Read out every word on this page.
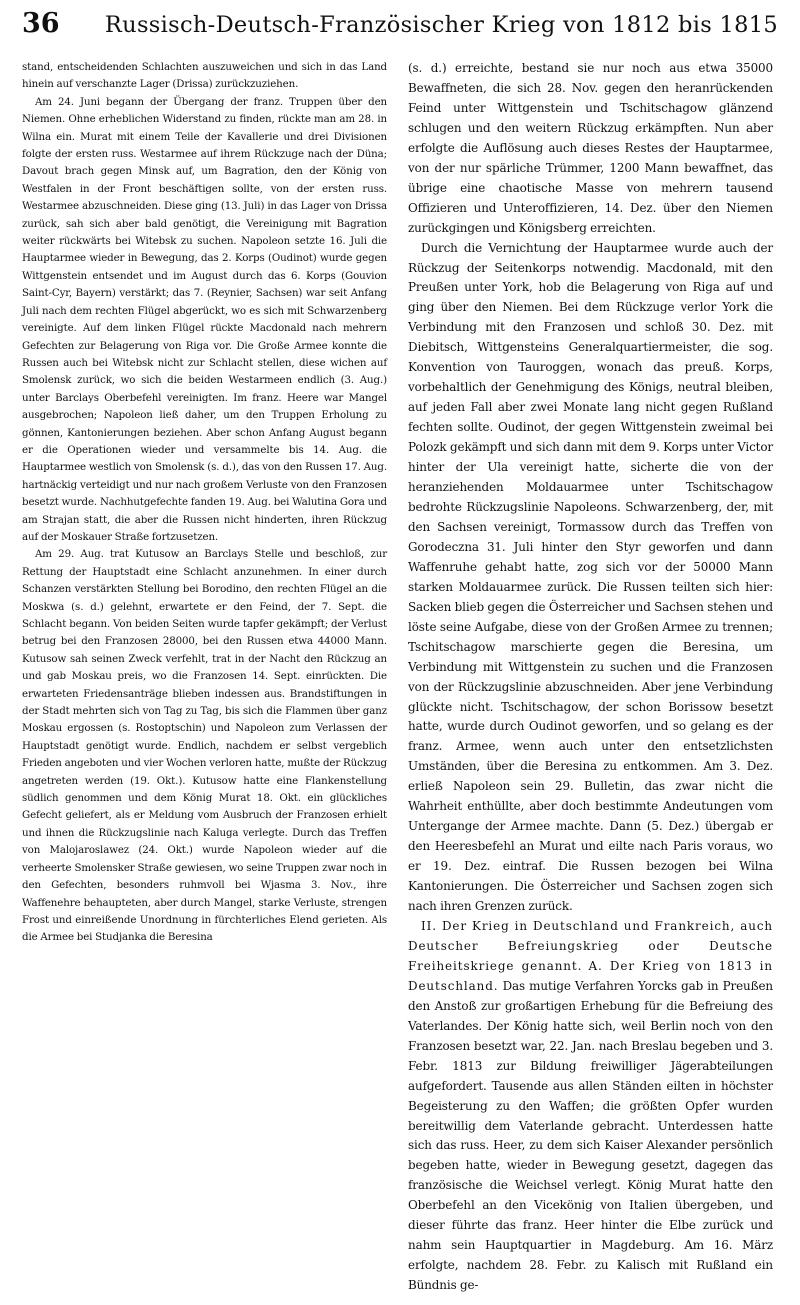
36	Russisch-Deutsch-Französischer Krieg von 1812 bis 1815

stand, entscheidenden Schlachten auszuweichen und sich in das Land hinein auf verschanzte Lager (Drissa) zurückzuziehen.

Am 24. Juni begann der Übergang der franz. Truppen über den Niemen. Ohne erheblichen Widerstand zu finden, rückte man am 28. in Wilna ein. Murat mit einem Teile der Kavallerie und drei Divisionen folgte der ersten russ. Westarmee auf ihrem Rückzuge nach der Düna; Davout brach gegen Minsk auf, um Bagration, den der König von Westfalen in der Front beschäftigen sollte, von der ersten russ. Westarmee abzuschneiden. Diese ging (13. Juli) in das Lager von Drissa zurück, sah sich aber bald genötigt, die Vereinigung mit Bagration weiter rückwärts bei Witebsk zu suchen. Napoleon setzte 16. Juli die Hauptarmee wieder in Bewegung, das 2. Korps (Oudinot) wurde gegen Wittgenstein entsendet und im August durch das 6. Korps (Gouvion Saint-Cyr, Bayern) verstärkt; das 7. (Reynier, Sachsen) war seit Anfang Juli nach dem rechten Flügel abgerückt, wo es sich mit Schwarzenberg vereinigte. Auf dem linken Flügel rückte Macdonald nach mehrern Gefechten zur Belagerung von Riga vor. Die Große Armee konnte die Russen auch bei Witebsk nicht zur Schlacht stellen, diese wichen auf Smolensk zurück, wo sich die beiden Westarmeen endlich (3. Aug.) unter Barclays Oberbefehl vereinigten. Im franz. Heere war Mangel ausgebrochen; Napoleon ließ daher, um den Truppen Erholung zu gönnen, Kantonierungen beziehen. Aber schon Anfang August begann er die Operationen wieder und versammelte bis 14. Aug. die Hauptarmee westlich von Smolensk (s. d.), das von den Russen 17. Aug. hartnäckig verteidigt und nur nach großem Verluste von den Franzosen besetzt wurde. Nachhutgefechte fanden 19. Aug. bei Walutina Gora und am Strajan statt, die aber die Russen nicht hinderten, ihren Rückzug auf der Moskauer Straße fortzusetzen.

Am 29. Aug. trat Kutusow an Barclays Stelle und beschloß, zur Rettung der Hauptstadt eine Schlacht anzunehmen. In einer durch Schanzen verstärkten Stellung bei Borodino, den rechten Flügel an die Moskwa (s. d.) gelehnt, erwartete er den Feind, der 7. Sept. die Schlacht begann. Von beiden Seiten wurde tapfer gekämpft; der Verlust betrug bei den Franzosen 28000, bei den Russen etwa 44000 Mann. Kutusow sah seinen Zweck verfehlt, trat in der Nacht den Rückzug an und gab Moskau preis, wo die Franzosen 14. Sept. einrückten. Die erwarteten Friedensanträge blieben indessen aus. Brandstiftungen in der Stadt mehrten sich von Tag zu Tag, bis sich die Flammen über ganz Moskau ergossen (s. Rostoptschin) und Napoleon zum Verlassen der Hauptstadt genötigt wurde. Endlich, nachdem er selbst vergeblich Frieden angeboten und vier Wochen verloren hatte, mußte der Rückzug angetreten werden (19. Okt.). Kutusow hatte eine Flankenstellung südlich genommen und dem König Murat 18. Okt. ein glückliches Gefecht geliefert, als er Meldung vom Ausbruch der Franzosen erhielt und ihnen die Rückzugslinie nach Kaluga verlegte. Durch das Treffen von Malojaroslawez (24. Okt.) wurde Napoleon wieder auf die verheerte Smolensker Straße gewiesen, wo seine Truppen zwar noch in den Gefechten, besonders ruhmvoll bei Wjasma 3. Nov., ihre Waffenehre behaupteten, aber durch Mangel, starke Verluste, strengen Frost und einreißende Unordnung in fürchterliches Elend gerieten. Als die Armee bei Studjanka die Beresina

(s. d.) erreichte, bestand sie nur noch aus etwa 35000 Bewaffneten, die sich 28. Nov. gegen den heranrückenden Feind unter Wittgenstein und Tschitschagow glänzend schlugen und den weitern Rückzug erkämpften. Nun aber erfolgte die Auflösung auch dieses Restes der Hauptarmee, von der nur spärliche Trümmer, 1200 Mann bewaffnet, das übrige eine chaotische Masse von mehrern tausend Offizieren und Unteroffizieren, 14. Dez. über den Niemen zurückgingen und Königsberg erreichten.

Durch die Vernichtung der Hauptarmee wurde auch der Rückzug der Seitenkorps notwendig. Macdonald, mit den Preußen unter York, hob die Belagerung von Riga auf und ging über den Niemen. Bei dem Rückzuge verlor York die Verbindung mit den Franzosen und schloß 30. Dez. mit Diebitsch, Wittgensteins Generalquartiermeister, die sog. Konvention von Tauroggen, wonach das preuß. Korps, vorbehaltlich der Genehmigung des Königs, neutral bleiben, auf jeden Fall aber zwei Monate lang nicht gegen Rußland fechten sollte. Oudinot, der gegen Wittgenstein zweimal bei Polozk gekämpft und sich dann mit dem 9. Korps unter Victor hinter der Ula vereinigt hatte, sicherte die von der heranziehenden Moldauarmee unter Tschitschagow bedrohte Rückzugslinie Napoleons. Schwarzenberg, der, mit den Sachsen vereinigt, Tormassow durch das Treffen von Gorodeczna 31. Juli hinter den Styr geworfen und dann Waffenruhe gehabt hatte, zog sich vor der 50000 Mann starken Moldauarmee zurück. Die Russen teilten sich hier: Sacken blieb gegen die Österreicher und Sachsen stehen und löste seine Aufgabe, diese von der Großen Armee zu trennen; Tschitschagow marschierte gegen die Beresina, um Verbindung mit Wittgenstein zu suchen und die Franzosen von der Rückzugslinie abzuschneiden. Aber jene Verbindung glückte nicht. Tschitschagow, der schon Borissow besetzt hatte, wurde durch Oudinot geworfen, und so gelang es der franz. Armee, wenn auch unter den entsetzlichsten Umständen, über die Beresina zu entkommen. Am 3. Dez. erließ Napoleon sein 29. Bulletin, das zwar nicht die Wahrheit enthüllte, aber doch bestimmte Andeutungen vom Untergange der Armee machte. Dann (5. Dez.) übergab er den Heeresbefehl an Murat und eilte nach Paris voraus, wo er 19. Dez. eintraf. Die Russen bezogen bei Wilna Kantonierungen. Die Österreicher und Sachsen zogen sich nach ihren Grenzen zurück.

II. Der Krieg in Deutschland und Frankreich, auch Deutscher Befreiungskrieg oder Deutsche Freiheitskriege genannt. A. Der Krieg von 1813 in Deutschland. Das mutige Verfahren Yorcks gab in Preußen den Anstoß zur großartigen Erhebung für die Befreiung des Vaterlandes. Der König hatte sich, weil Berlin noch von den Franzosen besetzt war, 22. Jan. nach Breslau begeben und 3. Febr. 1813 zur Bildung freiwilliger Jägerabteilungen aufgefordert. Tausende aus allen Ständen eilten in höchster Begeisterung zu den Waffen; die größten Opfer wurden bereitwillig dem Vaterlande gebracht. Unterdessen hatte sich das russ. Heer, zu dem sich Kaiser Alexander persönlich begeben hatte, wieder in Bewegung gesetzt, dagegen das französische die Weichsel verlegt. König Murat hatte den Oberbefehl an den Vicekönig von Italien übergeben, und dieser führte das franz. Heer hinter die Elbe zurück und nahm sein Hauptquartier in Magdeburg. Am 16. März erfolgte, nachdem 28. Febr. zu Kalisch mit Rußland ein Bündnis ge-
